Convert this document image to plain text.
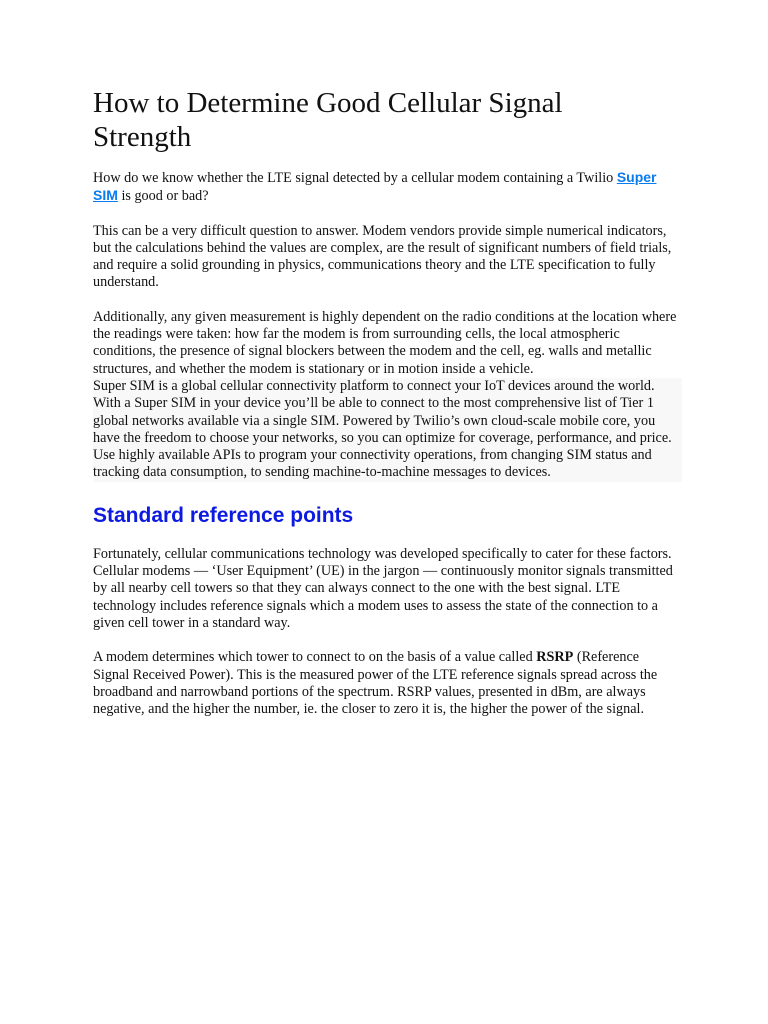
How to Determine Good Cellular Signal Strength

How do we know whether the LTE signal detected by a cellular modem containing a Twilio Super SIM is good or bad?

This can be a very difficult question to answer. Modem vendors provide simple numerical indicators, but the calculations behind the values are complex, are the result of significant numbers of field trials, and require a solid grounding in physics, communications theory and the LTE specification to fully understand.

Additionally, any given measurement is highly dependent on the radio conditions at the location where the readings were taken: how far the modem is from surrounding cells, the local atmospheric conditions, the presence of signal blockers between the modem and the cell, eg. walls and metallic structures, and whether the modem is stationary or in motion inside a vehicle.

Super SIM is a global cellular connectivity platform to connect your IoT devices around the world. With a Super SIM in your device you’ll be able to connect to the most comprehensive list of Tier 1 global networks available via a single SIM. Powered by Twilio’s own cloud-scale mobile core, you have the freedom to choose your networks, so you can optimize for coverage, performance, and price. Use highly available APIs to program your connectivity operations, from changing SIM status and tracking data consumption, to sending machine-to-machine messages to devices.
Standard reference points

Fortunately, cellular communications technology was developed specifically to cater for these factors. Cellular modems — ‘User Equipment’ (UE) in the jargon — continuously monitor signals transmitted by all nearby cell towers so that they can always connect to the one with the best signal. LTE technology includes reference signals which a modem uses to assess the state of the connection to a given cell tower in a standard way.

A modem determines which tower to connect to on the basis of a value called RSRP (Reference Signal Received Power). This is the measured power of the LTE reference signals spread across the broadband and narrowband portions of the spectrum. RSRP values, presented in dBm, are always negative, and the higher the number, ie. the closer to zero it is, the higher the power of the signal.
